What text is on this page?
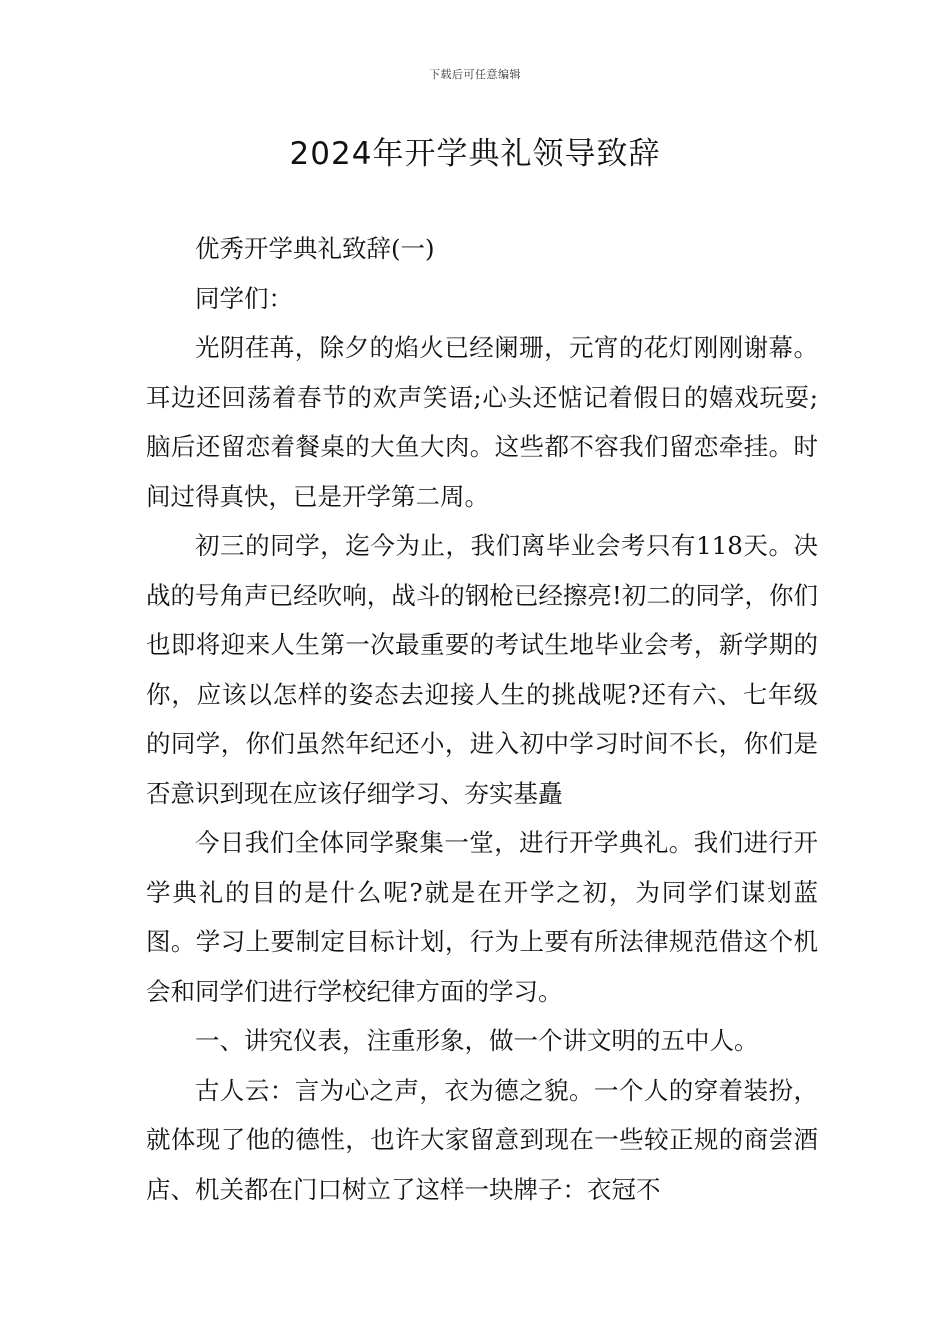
下载后可任意编辑
2024年开学典礼领导致辞

优秀开学典礼致辞(一)

同学们：

光阴荏苒，除夕的焰火已经阑珊，元宵的花灯刚刚谢幕。耳边还回荡着春节的欢声笑语;心头还惦记着假日的嬉戏玩耍;脑后还留恋着餐桌的大鱼大肉。这些都不容我们留恋牵挂。时间过得真快，已是开学第二周。

初三的同学，迄今为止，我们离毕业会考只有118天。决战的号角声已经吹响，战斗的钢枪已经擦亮!初二的同学，你们也即将迎来人生第一次最重要的考试生地毕业会考，新学期的你，应该以怎样的姿态去迎接人生的挑战呢?还有六、七年级的同学，你们虽然年纪还小，进入初中学习时间不长，你们是否意识到现在应该仔细学习、夯实基矗

今日我们全体同学聚集一堂，进行开学典礼。我们进行开学典礼的目的是什么呢?就是在开学之初，为同学们谋划蓝图。学习上要制定目标计划，行为上要有所法律规范借这个机会和同学们进行学校纪律方面的学习。

一、讲究仪表，注重形象，做一个讲文明的五中人。

古人云：言为心之声，衣为德之貌。一个人的穿着装扮，就体现了他的德性，也许大家留意到现在一些较正规的商尝酒店、机关都在门口树立了这样一块牌子：衣冠不
